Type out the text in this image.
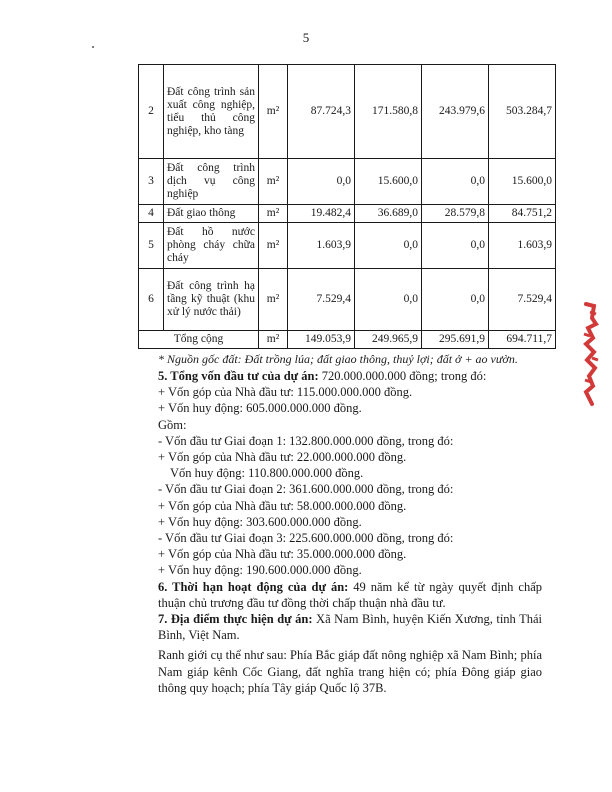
5
2	Đất công trình sản xuất công nghiệp, tiểu thủ công nghiệp, kho tàng	m²	87.724,3	171.580,8	243.979,6	503.284,7
3	Đất công trình dịch vụ công nghiệp	m²	0,0	15.600,0	0,0	15.600,0
4	Đất giao thông	m²	19.482,4	36.689,0	28.579,8	84.751,2
5	Đất hồ nước phòng cháy chữa cháy	m²	1.603,9	0,0	0,0	1.603,9
6	Đất công trình hạ tầng kỹ thuật (khu xử lý nước thải)	m²	7.529,4	0,0	0,0	7.529,4
Tổng cộng		m²	149.053,9	249.965,9	295.691,9	694.711,7
* Nguồn gốc đất: Đất trồng lúa; đất giao thông, thuỷ lợi; đất ở + ao vườn.

5. Tổng vốn đầu tư của dự án: 720.000.000.000 đồng; trong đó:

+ Vốn góp của Nhà đầu tư: 115.000.000.000 đồng.

+ Vốn huy động: 605.000.000.000 đồng.

Gồm:

- Vốn đầu tư Giai đoạn 1: 132.800.000.000 đồng, trong đó:

+ Vốn góp của Nhà đầu tư: 22.000.000.000 đồng.

Vốn huy động: 110.800.000.000 đồng.

- Vốn đầu tư Giai đoạn 2: 361.600.000.000 đồng, trong đó:

+ Vốn góp của Nhà đầu tư: 58.000.000.000 đồng.

+ Vốn huy động: 303.600.000.000 đồng.

- Vốn đầu tư Giai đoạn 3: 225.600.000.000 đồng, trong đó:

+ Vốn góp của Nhà đầu tư: 35.000.000.000 đồng.

+ Vốn huy động: 190.600.000.000 đồng.

6. Thời hạn hoạt động của dự án: 49 năm kể từ ngày quyết định chấp thuận chủ trương đầu tư đồng thời chấp thuận nhà đầu tư.

7. Địa điểm thực hiện dự án: Xã Nam Bình, huyện Kiến Xương, tỉnh Thái Bình, Việt Nam.

Ranh giới cụ thể như sau: Phía Bắc giáp đất nông nghiệp xã Nam Bình; phía Nam giáp kênh Cốc Giang, đất nghĩa trang hiện có; phía Đông giáp giao thông quy hoạch; phía Tây giáp Quốc lộ 37B.
